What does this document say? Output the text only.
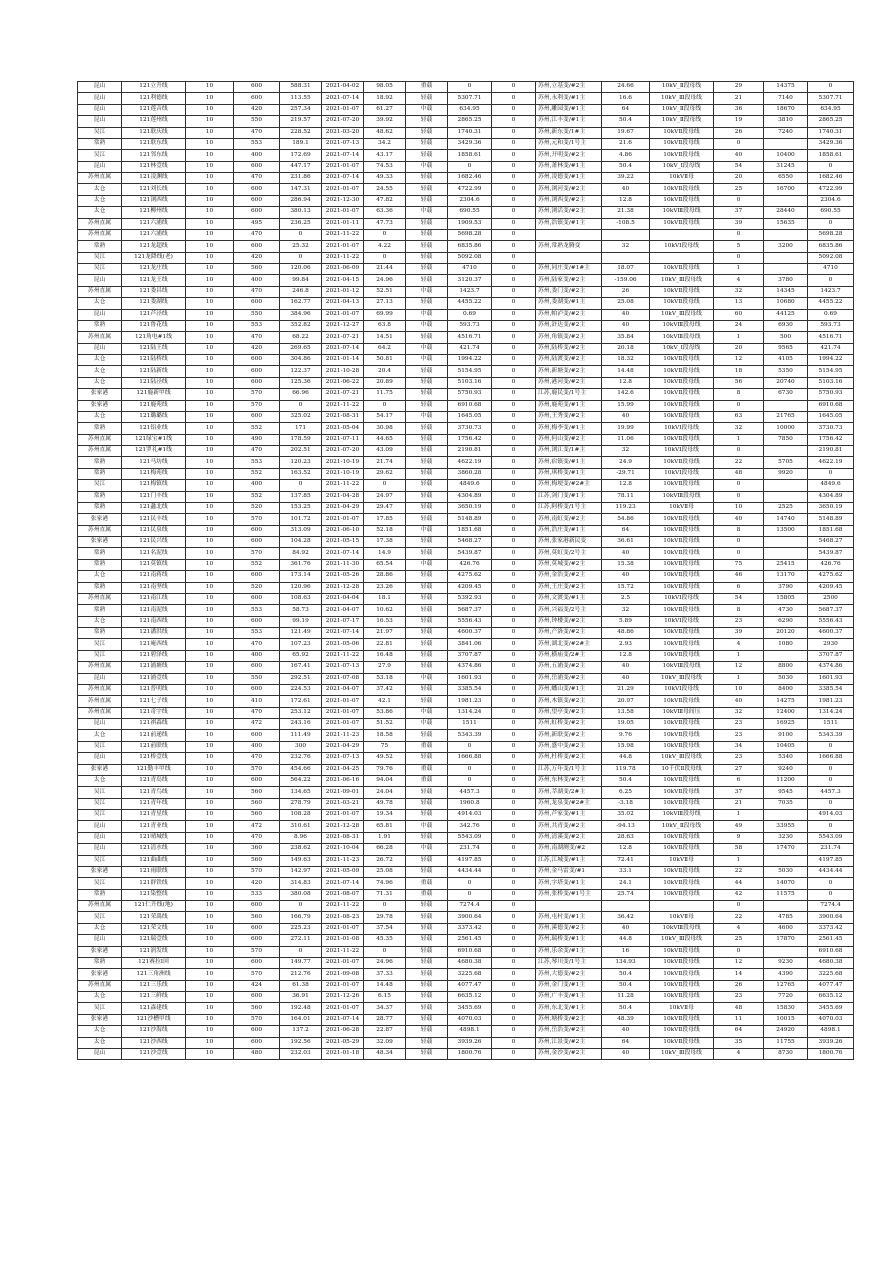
昆山	121立升线	10	600	588.31	2021-04-02	98.05	重载	0	0	苏州,立基变/#2主	24.66	10kV_Ⅱ段母线	29	14375	0
昆山	121利德线	10	600	113.55	2021-07-14	18.92	轻载	5307.71	0	苏州,永利变/#1主	16.6	10kV_Ⅲ段母线	21	7140	5307.71
昆山	121莲音线	10	420	257.34	2021-01-07	61.27	中载	634.95	0	苏州,雕园变/#1主	64	10kV_Ⅱ段母线	36	18670	634.95
昆山	121莲州线	10	550	219.57	2021-07-20	39.92	轻载	2865.25	0	苏州,江丰变/#1主	50.4	10kV_Ⅱ段母线	19	3810	2865.25
吴江	121联庆线	10	470	228.52	2021-03-20	48.62	轻载	1740.31	0	苏州,新东变/1#主	19.67	10kVⅡ段母线	26	7240	1740.31
常熟	121联东线	10	553	189.1	2021-07-13	34.2	轻载	3429.36	0	苏州,元和变/1号主	21.6	10kVⅡ段母线	0		3429.36
吴江	121邻东线	10	400	172.69	2021-07-14	43.17	轻载	1858.61	0	苏州,开明变/#2主	4.86	10kVⅡ段母线	40	10400	1858.61
昆山	121林壹线	10	600	447.17	2021-01-07	74.53	中载	0	0	苏州,萧林变/#1主	50.4	10kV_Ⅰ段母线	54	31245	0
苏州直属	121凌渊线	10	470	231.86	2021-07-14	49.33	轻载	1682.46	0	苏州,凌德变/#1主	39.22	10kVⅡ母	20	6550	1682.46
太仓	121刘长线	10	600	147.31	2021-01-07	24.55	轻载	4722.99	0	苏州,浏河变/#2主	40	10kVⅡ段母线	25	16700	4722.99
太仓	121浏西线	10	600	286.94	2021-12-30	47.82	轻载	2304.6	0	苏州,浏西变/#2主	12.8	10kVⅡ段母线	0		2304.6
太仓	121柳州线	10	600	380.13	2021-01-07	63.36	中载	690.55	0	苏州,浏活变/#2主	21.38	10kVⅢ段母线	37	28440	690.55
苏州直属	121六浦线	10	495	236.25	2021-01-11	47.73	轻载	1909.53	0	苏州,浩镇变/#1主	-108.5	10kVⅡ段母线	39	15635	0
苏州直属	121六浦线	10	470	0	2021-11-22	0	轻载	5698.28	0				0		5698.28
常熟	121龙超线	10	600	25.32	2021-01-07	4.22	轻载	6835.86	0	苏州,常熟龙腾变	32	10kVⅠ段母线	5	3200	6835.86
吴江	121龙降线(老)	10	420	0	2021-11-22	0	轻载	5092.08	0				0		5092.08
吴江	121龙庄线	10	560	120.06	2021-06-09	21.44	轻载	4710	0	苏州,同庄变/#1#主	18.07	10kVⅡ段母线	1		4710
昆山	121龙王线	10	400	99.84	2021-04-15	24.96	轻载	3120.37	0	苏州,陆家变/#2主	-159.06	10kV_Ⅲ段母线	4	3780	0
苏州直属	121娄昌线	10	470	246.8	2021-01-12	52.51	中载	1423.7	0	苏州,娄门变/#2主	26	10kVⅡ段母线	32	14345	1423.7
太仓	121娄湖线	10	600	162.77	2021-04-13	27.13	轻载	4455.22	0	苏州,娄湖变/#1主	25.08	10kVⅡ段母线	13	10680	4455.22
昆山	121芦泾线	10	550	384.96	2021-01-07	69.99	中载	0.69	0	苏州,帕泸变/#2主	40	10kV_Ⅲ段母线	60	44125	0.69
常熟	121鲁花线	10	553	352.82	2021-12-27	63.8	中载	593.73	0	苏州,浒达变/#2主	40	10kVⅢ段母线	24	6930	593.73
苏州直属	121角电#1线	10	470	68.22	2021-07-21	14.51	轻载	4516.71	0	苏州,角镇变/#2主	35.84	10kVⅢ段母线	1	500	4516.71
昆山	121陆王线	10	420	269.65	2021-07-14	64.2	中载	421.74	0	苏州,陆桥变/#2主	20.18	10kV_Ⅰ段母线	20	9565	421.74
太仓	121陆桥线	10	600	304.86	2021-01-14	50.81	中载	1994.22	0	苏州,陆渡变/#2主	18.32	10kVⅡ段母线	12	4105	1994.22
太仓	121陆新线	10	600	122.37	2021-10-28	20.4	轻载	5154.95	0	苏州,新塘变/#2主	14.48	10kVⅡ段母线	18	5350	5154.95
太仓	121陆泾线	10	600	125.36	2021-06-22	20.89	轻载	5103.16	0	苏州,港河变/#2主	12.8	10kVⅡ段母线	56	20740	5103.16
张家港	121鹿新甲线	10	570	66.96	2021-07-21	11.75	轻载	5750.93	0	江苏,鹿民变/1号主	142.6	10kVⅡ段母线	8	6730	5750.93
张家港	121鹿苑线	10	570	0	2021-11-22	0	轻载	6910.68	0	苏州,鹿苑变/#1主	15.99	10kVⅡ段母线	0		6910.68
太仓	121璐璐线	10	600	325.02	2021-08-31	54.17	中载	1645.05	0	苏州,王秀变/#2主	40	10kVⅡ段母线	63	21765	1645.05
常熟	121铝业线	10	552	171	2021-05-04	30.98	轻载	3730.73	0	苏州,梅李变/#1主	19.99	10kVⅠ段母线	32	10000	3730.73
苏州直属	121绿宝#1线	10	490	178.59	2021-07-11	44.65	轻载	1756.42	0	苏州,何山变/#2主	11.06	10kVⅡ段母线	1	7850	1756.42
苏州直属	121罗礼#1线	10	470	202.51	2021-07-20	43.09	轻载	2190.81	0	苏州,浏江变/1#主	32	10kVⅠ段母线	0		2190.81
常熟	121马坊线	10	553	120.23	2021-10-19	21.74	轻载	4622.19	0	苏州,宿镇变/#1主	24.9	10kVⅡ段母线	22	5705	4622.19
常熟	121梅苑线	10	552	163.52	2021-10-19	29.62	轻载	3860.28	0	苏州,琪桥变/#1主	-29.71	10kVⅠ段母线	48	9920	0
吴江	121梅镇线	10	400	0	2021-11-22	0	轻载	4849.6	0	苏州,梅埂变/#2#主	12.8	10kVⅡ段母线	0		4849.6
常熟	121门丰线	10	552	137.85	2021-04-28	24.97	轻载	4304.89	0	江苏,剑门变/#1主	78.11	10kVⅢ段母线	0		4304.89
常熟	121蠡北线	10	520	153.25	2021-04-29	29.47	轻载	3650.19	0	江苏,阿桥变/1号主	119.23	10kVⅡ母	10	2525	3650.19
张家港	121民丰线	10	570	101.72	2021-01-07	17.85	轻载	5148.89	0	苏州,南虹变/#2主	54.86	10kVⅡ段母线	40	14740	5148.89
苏州直属	121民泉线	10	600	313.09	2021-06-10	52.18	中载	1851.68	0	苏州,浩庄变/#1主	64	10kVⅡ段母线	8	13500	1851.68
张家港	121民兴线	10	600	104.28	2021-05-15	17.38	轻载	5468.27	0	苏州,张家港新民变	36.61	10kVⅡ段母线	0		5468.27
常熟	121名泥线	10	570	84.92	2021-07-14	14.9	轻载	5439.87	0	苏州,莫虹变/2号主	40	10kVⅡ段母线	0		5439.87
常熟	121莫镇线	10	552	361.76	2021-11-30	65.54	中载	426.76	0	苏州,莫城变/#2主	15.38	10kVⅡ段母线	75	25415	426.76
太仓	121南蒋线	10	600	173.14	2021-05-26	28.86	轻载	4275.62	0	苏州,金浩变/#2主	40	10kVⅡ段母线	46	13170	4275.62
常熟	121南坚线	10	520	120.96	2021-12-28	23.26	轻载	4209.45	0	苏州,王庄变/#2主	15.72	10kVⅡ段母线	6	3790	4209.45
苏州直属	121南江线	10	600	108.63	2021-04-04	18.1	轻载	5392.93	0	苏州,文渡变/#1主	2.5	10kVⅠ段母线	54	15805	2500
常熟	121南泥线	10	553	58.73	2021-04-07	10.62	轻载	5687.37	0	苏州,兴福变/2号主	32	10kVⅡ段母线	8	4730	5687.37
太仓	121南西线	10	600	99.19	2021-07-17	16.53	轻载	5556.43	0	苏州,钟楼变/#2主	5.89	10kVⅠ段母线	23	6290	5556.43
常熟	121潘洪线	10	553	121.49	2021-07-14	21.97	轻载	4600.37	0	苏州,产洛变/#2主	48.86	10kVⅡ段母线	39	20120	4600.37
吴江	121庵西线	10	470	107.23	2021-05-06	22.81	轻载	3841.06	0	苏州,湖北变/#2#主	2.93	10kVⅡ段母线	4	1080	2930
吴江	121碧泽线	10	400	65.92	2021-11-22	16.48	轻载	3707.87	0	苏州,横庙变/2#主	12.8	10kVⅡ段母线	1		3707.87
苏州直属	121浦塘线	10	600	167.41	2021-07-13	27.9	轻载	4374.86	0	苏州,五浦变/#2主	40	10kVⅢ段母线	12	8800	4374.86
昆山	121浦壹线	10	550	292.51	2021-07-08	53.18	中载	1601.93	0	苏州,岳浦变/#2主	40	10kV_Ⅲ段母线	1	5030	1601.93
苏州直属	121普明线	10	600	224.53	2021-04-07	37.42	轻载	3385.54	0	苏州,蟠山变/#1主	21.29	10kVⅠ段母线	10	8400	3385.54
苏州直属	121七子线	10	410	172.61	2021-01-07	42.1	轻载	1981.23	0	苏州,木镇变/#2主	20.97	10kVⅡ段母线	40	14275	1981.23
苏州直属	121奇宇线	10	470	253.12	2021-01-07	53.86	中载	1314.24	0	苏州,望亭变/#2主	13.58	10kVⅢ母间压	32	12400	1314.24
昆山	121祺森线	10	472	243.16	2021-01-07	51.52	中载	1511	0	苏州,虹桥变/#2主	19.05	10kVⅡ段母线	23	16925	1511
太仓	121前递线	10	600	111.49	2021-11-23	18.58	轻载	5343.39	0	苏州,新联变/#2主	9.76	10kVⅡ段母线	23	9100	5343.39
吴江	121前联线	10	400	300	2021-04-29	75	重载	0	0	苏州,盛中变/#2主	15.98	10kVⅡ段母线	34	10405	0
昆山	121桥壹线	10	470	232.76	2021-07-13	49.52	轻载	1666.88	0	苏州,杜桥变/#2主	44.8	10kV_Ⅲ段母线	23	5340	1666.88
张家港	121勤丰甲线	10	570	454.66	2021-04-25	79.76	重载	0	0	江苏,万年变/1号主	119.78	10千伏Ⅱ段母线	27	9240	0
太仓	121青岛线	10	600	564.22	2021-06-16	94.04	重载	0	0	苏州,东林变/#2主	50.4	10kVⅡ段母线	6	11200	0
吴江	121青鸟线	10	560	134.65	2021-09-01	24.04	轻载	4457.3	0	苏州,莘湖变/2#主	6.25	10kVⅡ段母线	37	9545	4457.3
吴江	121青年线	10	560	278.79	2021-03-21	49.78	轻载	1960.8	0	苏州,龙泉变/#2#主	-3.18	10kVⅡ段母线	21	7035	0
吴江	121青星线	10	560	108.28	2021-01-07	19.34	轻载	4914.03	0	苏州,芦家变/#1主	35.02	10kVⅢ段母线	1		4914.03
昆山	121青亚线	10	472	310.61	2021-12-28	65.81	中载	342.76	0	苏州,共青变/#2主	-94.13	10kV_Ⅱ段母线	49	33955	0
昆山	121晴城线	10	470	8.96	2021-08-31	1.91	轻载	5543.09	0	苏州,清溪变/#2主	28.63	10kVⅡ段母线	9	3230	5543.09
昆山	121清水线	10	360	238.62	2021-10-04	66.28	中载	231.74	0	苏州,南湖测变/#2	12.8	10kVⅡ段母线	58	17470	231.74
吴江	121曲曲线	10	560	149.63	2021-11-23	26.72	轻载	4197.85	0	江苏,江城变/#1主	72.41	10kVⅡ母	1		4197.85
张家港	121雨联线	10	570	142.97	2021-05-09	25.08	轻载	4434.44	0	苏州,金马雷变/#1	33.1	10kVⅡ段母线	22	5030	4434.44
吴江	121群铁线	10	420	314.83	2021-07-14	74.96	重载	0	0	苏州,字塔变/#1主	24.1	10kVⅡ段母线	44	14070	0
常熟	121染整线	10	533	380.08	2021-08-07	71.31	重载	0	0	苏州,张桥变/#1号主	25.74	10kVⅡ段母线	42	11575	0
苏州直属	121仁升线(地)	10	600	0	2021-11-22	0	轻载	7274.4	0				0		7274.4
吴江	121荣禹线	10	560	166.79	2021-08-23	29.78	轻载	3900.64	0	苏州,屯村变/#1主	36.42	10kVⅡ母	22	4785	3900.64
太仓	121荣文线	10	600	225.23	2021-01-07	37.54	轻载	3373.42	0	苏州,溪德变/#2主	40	10kVⅢ段母线	4	4600	3373.42
昆山	121瑞壹线	10	600	272.11	2021-01-08	45.35	轻载	2561.45	0	苏州,瑞桥变/#1主	44.8	10kV_Ⅲ段母线	25	17870	2561.45
张家港	121润发线	10	570	0	2021-11-22	0	轻载	6910.68	0	苏州,乐余变/#1主	16	10kVⅡ段母线	0		6910.68
常熟	121赛拉Ⅰ回	10	600	149.77	2021-01-07	24.96	轻载	4680.38	0	江苏,琴川变/1号主	134.93	10kVⅡ段母线	12	9230	4680.38
张家港	121三角洲线	10	570	212.76	2021-09-08	37.33	轻载	3225.68	0	苏州,大德变/#2主	50.4	10kVⅡ段母线	14	4390	3225.68
苏州直属	121三乐线	10	424	61.38	2021-01-07	14.48	轻载	4077.47	0	苏州,金门变/#1主	50.4	10kVⅡ段母线	26	12765	4077.47
太仓	121三鲜线	10	600	36.91	2021-12-26	6.15	轻载	6635.12	0	苏州,广丰变/#1主	11.28	10kVⅡ段母线	23	7720	6635.12
吴江	121森建线	10	560	192.48	2021-01-07	34.37	轻载	3455.69	0	苏州,东北变/#1主	50.4	10kVⅡ母	48	15830	3455.69
张家港	121沙槽甲线	10	570	164.01	2021-07-14	28.77	轻载	4070.03	0	苏州,塘桥变/#2主	48.39	10kVⅡ段母线	11	10015	4070.03
太仓	121沙海线	10	600	137.2	2021-06-28	22.87	轻载	4898.1	0	苏州,岳浩变/#2主	40	10kVⅡ段母线	64	24920	4898.1
太仓	121沙西线	10	600	192.56	2021-05-29	32.09	轻载	3939.26	0	苏州,江景变/#2主	64	10kVⅡ段母线	35	11755	3939.26
昆山	121沙壹线	10	480	232.03	2021-01-18	48.34	轻载	1800.76	0	苏州,金沙变/#2主	40	10kV_Ⅲ段母线	4	8730	1800.76
